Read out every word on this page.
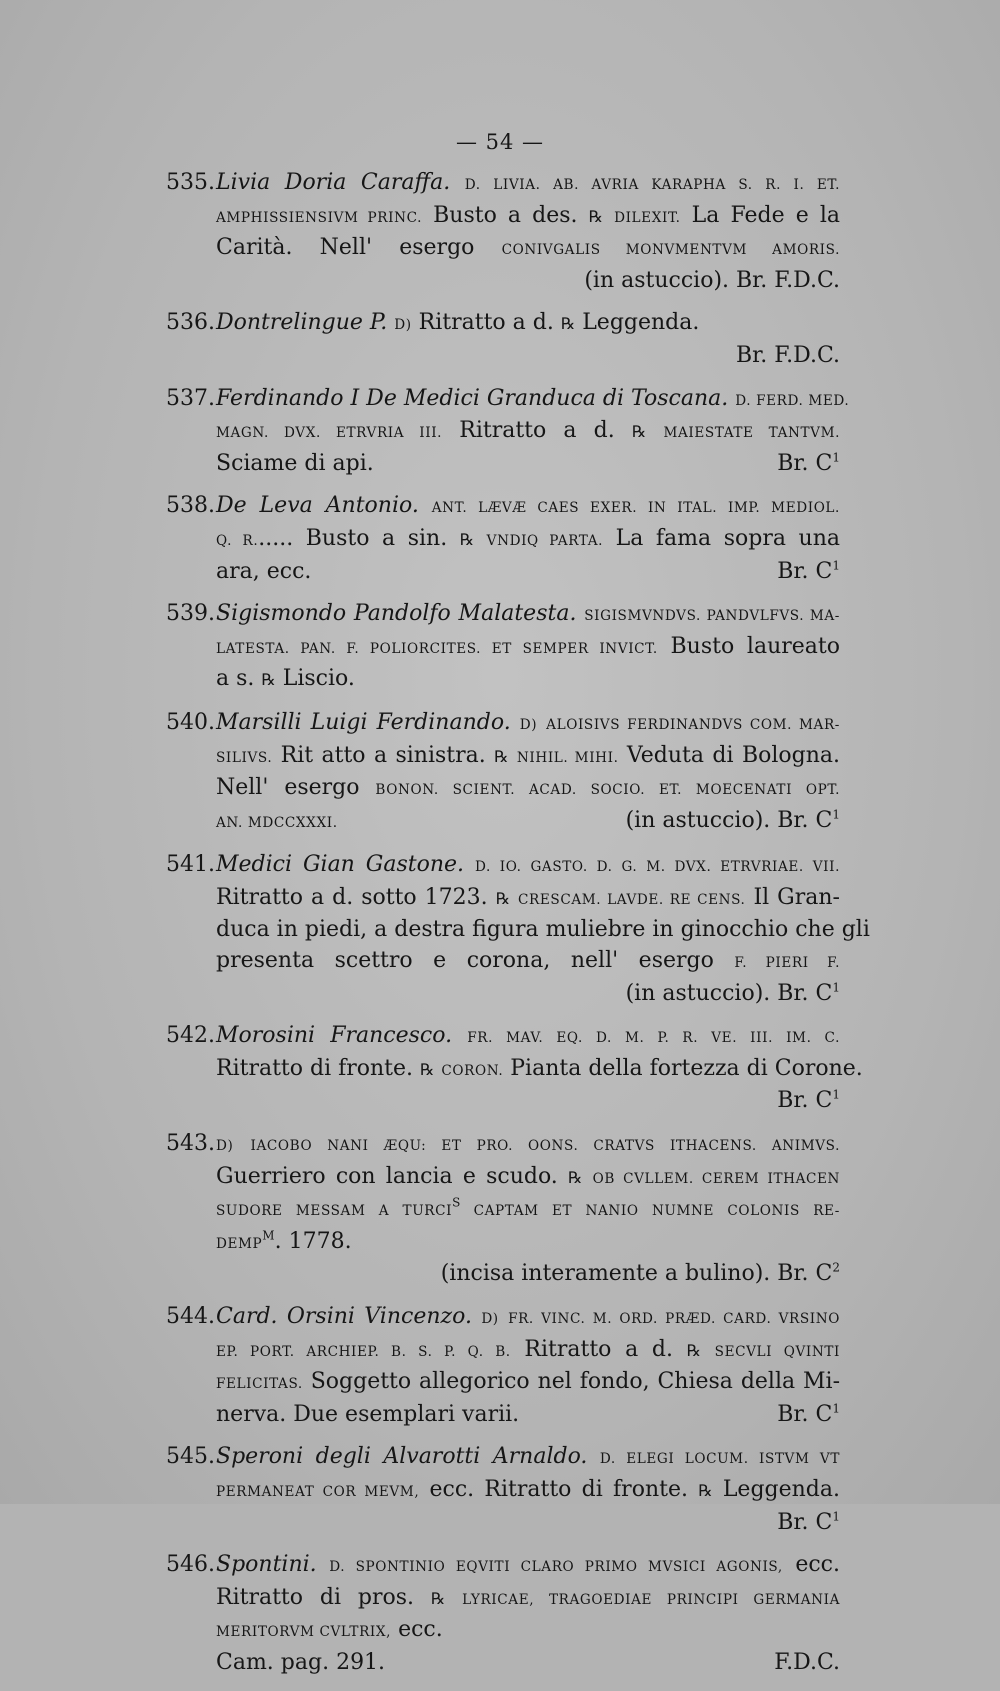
— 54 —
535.Livia Doria Caraffa. D. LIVIA. AB. AVRIA KARAPHA S. R. I. ET.
AMPHISSIENSIVM PRINC. Busto a des. ℞ DILEXIT. La Fede e la
Carità. Nell' esergo CONIVGALIS MONVMENTVM AMORIS.
(in astuccio). Br. F.D.C.
536.Dontrelingue P. D) Ritratto a d. ℞ Leggenda.
Br. F.D.C.
537.Ferdinando I De Medici Granduca di Toscana. D. FERD. MED.
MAGN. DVX. ETRVRIA III. Ritratto a d. ℞ MAIESTATE TANTVM.
Sciame di api.	Br. $C^1$
538.De Leva Antonio. ANT. LÆVÆ CAES EXER. IN ITAL. IMP. MEDIOL.
Q. R...... Busto a sin. ℞ VNDIQ PARTA. La fama sopra una
ara, ecc.	Br. $C^1$
539.Sigismondo Pandolfo Malatesta. SIGISMVNDVS. PANDVLFVS. MA-
LATESTA. PAN. F. POLIORCITES. ET SEMPER INVICT. Busto laureato
a s. ℞ Liscio.
540.Marsilli Luigi Ferdinando. D) ALOISIVS FERDINANDVS COM. MAR-
SILIVS. Rit atto a sinistra. ℞ NIHIL. MIHI. Veduta di Bologna.
Nell' esergo BONON. SCIENT. ACAD. SOCIO. ET. MOECENATI OPT.
AN. MDCCXXXI.	(in astuccio). Br. $C^1$
541.Medici Gian Gastone. D. IO. GASTO. D. G. M. DVX. ETRVRIAE. VII.
Ritratto a d. sotto 1723. ℞ CRESCAM. LAVDE. RE CENS. Il Gran-
duca in piedi, a destra figura muliebre in ginocchio che gli
presenta scettro e corona, nell' esergo F. PIERI F.
(in astuccio). Br. $C^1$
542.Morosini Francesco. FR. MAV. EQ. D. M. P. R. VE. III. IM. C.
Ritratto di fronte. ℞ CORON. Pianta della fortezza di Corone.
Br. $C^1$
543.D) IACOBO NANI ÆQU: ET PRO. OONS. CRATVS ITHACENS. ANIMVS.
Guerriero con lancia e scudo. ℞ OB CVLLEM. CEREM ITHACEN
SUDORE MESSAM A $TURCI^S$ CAPTAM ET NANIO NUMNE COLONIS RE-
$DEMP^M$. 1778.
(incisa interamente a bulino). Br. $C^2$
544.Card. Orsini Vincenzo. D) FR. VINC. M. ORD. PRÆD. CARD. VRSINO
EP. PORT. ARCHIEP. B. S. P. Q. B. Ritratto a d. ℞ SECVLI QVINTI
FELICITAS. Soggetto allegorico nel fondo, Chiesa della Mi-
nerva. Due esemplari varii.	Br. $C^1$
545.Speroni degli Alvarotti Arnaldo. D. ELEGI LOCUM. ISTVM VT
PERMANEAT COR MEVM, ecc. Ritratto di fronte. ℞ Leggenda.
Br. $C^1$
546.Spontini. D. SPONTINIO EQVITI CLARO PRIMO MVSICI AGONIS, ecc.
Ritratto di pros. ℞ LYRICAE, TRAGOEDIAE PRINCIPI GERMANIA
MERITORVM CVLTRIX, ecc.
Cam. pag. 291.	F.D.C.
